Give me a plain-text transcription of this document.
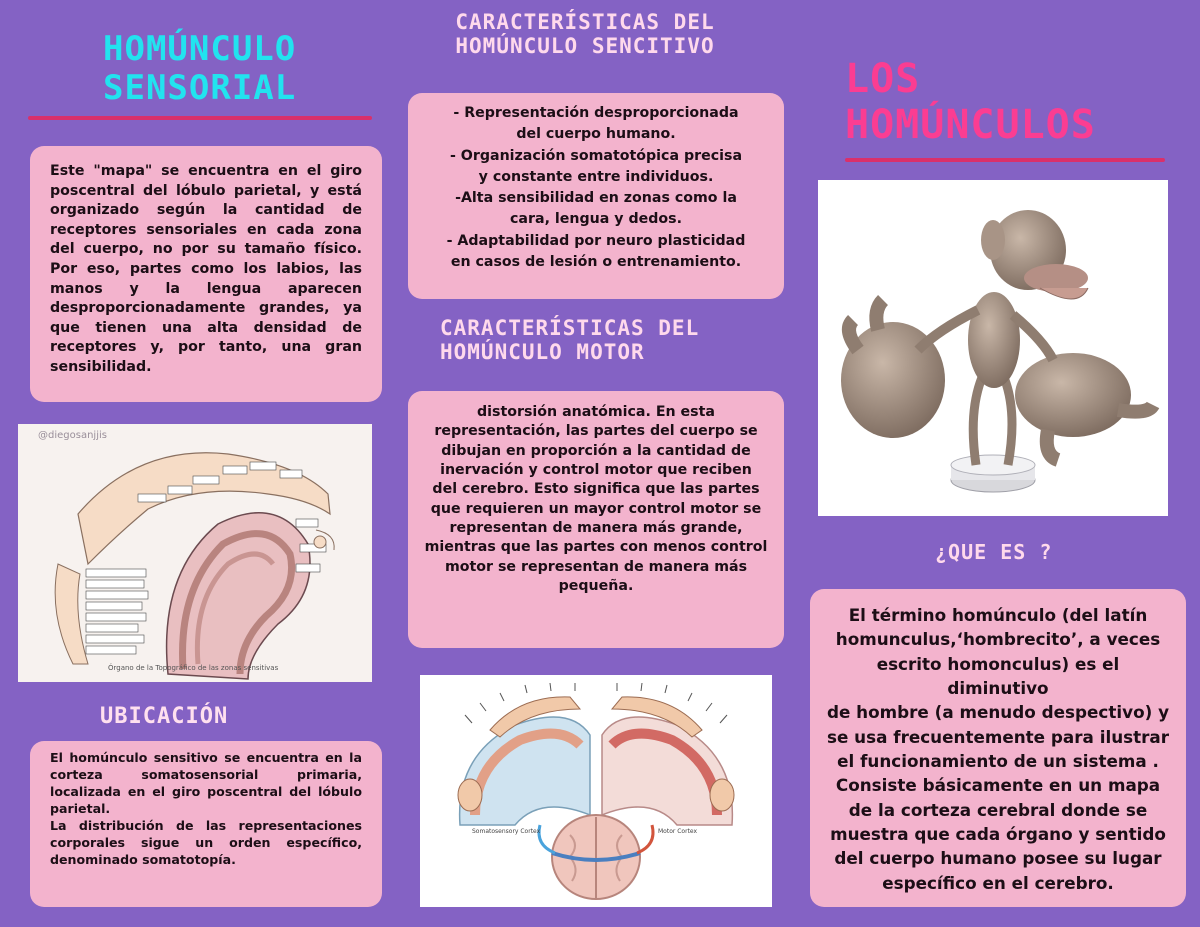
HOMÚNCULO
SENSORIAL

Este "mapa" se encuentra en el giro poscentral del lóbulo parietal, y está organizado según la cantidad de receptores sensoriales en cada zona del cuerpo, no por su tamaño físico. Por eso, partes como los labios, las manos y la lengua aparecen desproporcionadamente grandes, ya que tienen una alta densidad de receptores y, por tanto, una gran sensibilidad.

@diegosanjjis
Órgano de la Topográfico de las zonas sensitivas
UBICACIÓN

El homúnculo sensitivo se encuentra en la corteza somatosensorial primaria, localizada en el giro poscentral del lóbulo parietal.

La distribución de las representaciones corporales sigue un orden específico, denominado somatotopía.

CARACTERÍSTICAS DEL
HOMÚNCULO SENCITIVO
- Representación desproporcionada
del cuerpo humano.
- Organización somatotópica precisa
y constante entre individuos.
-Alta sensibilidad en zonas como la
cara, lengua y dedos.
- Adaptabilidad por neuro plasticidad
en casos de lesión o entrenamiento.
CARACTERÍSTICAS DEL
HOMÚNCULO MOTOR
distorsión anatómica. En esta
representación, las partes del cuerpo se
dibujan en proporción a la cantidad de
inervación y control motor que reciben
del cerebro. Esto significa que las partes
que requieren un mayor control motor se
representan de manera más grande,
mientras que las partes con menos control
motor se representan de manera más
pequeña.
Somatosensory Cortex	Motor Cortex
LOS
HOMÚNCULOS
¿QUE ES ?
El término homúnculo (del latín
homunculus,‘hombrecito’, a veces
escrito homonculus) es el diminutivo
de hombre (a menudo despectivo) y
se usa frecuentemente para ilustrar
el funcionamiento de un sistema .
Consiste básicamente en un mapa
de la corteza cerebral donde se
muestra que cada órgano y sentido
del cuerpo humano posee su lugar
específico en el cerebro.
